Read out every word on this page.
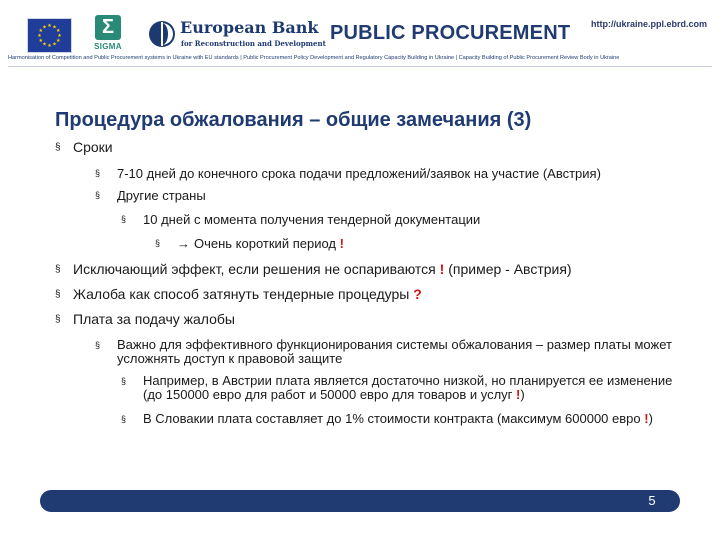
★ ★
★
★
★
★
★
★
★
★
★
★	Σ
SIGMA
European Bank
for Reconstruction and Development PUBLIC PROCUREMENT http://ukraine.ppl.ebrd.com
Harmonisation of Competition and Public Procurement systems in Ukraine with EU standards | Public Procurement Policy Development and Regulatory Capacity Building in Ukraine | Capacity Building of Public Procurement Review Body in Ukraine
Процедура обжалования – общие замечания (3)
§ Сроки
§ 7-10 дней до конечного срока подачи предложений/заявок на участие (Австрия)
§ Другие страны
§ 10 дней с момента получения тендерной документации
§ → Очень короткий период !
§ Исключающий эффект, если решения не оспариваются ! (пример - Австрия)
§ Жалоба как способ затянуть тендерные процедуры ?
§ Плата за подачу жалобы
§ Важно для эффективного функционирования системы обжалования – размер платы может усложнять доступ к правовой защите
§ Например, в Австрии плата является достаточно низкой, но планируется ее изменение (до 150000 евро для работ и 50000 евро для товаров и услуг !)
§ В Словакии плата составляет до 1% стоимости контракта (максимум 600000 евро !)
5
